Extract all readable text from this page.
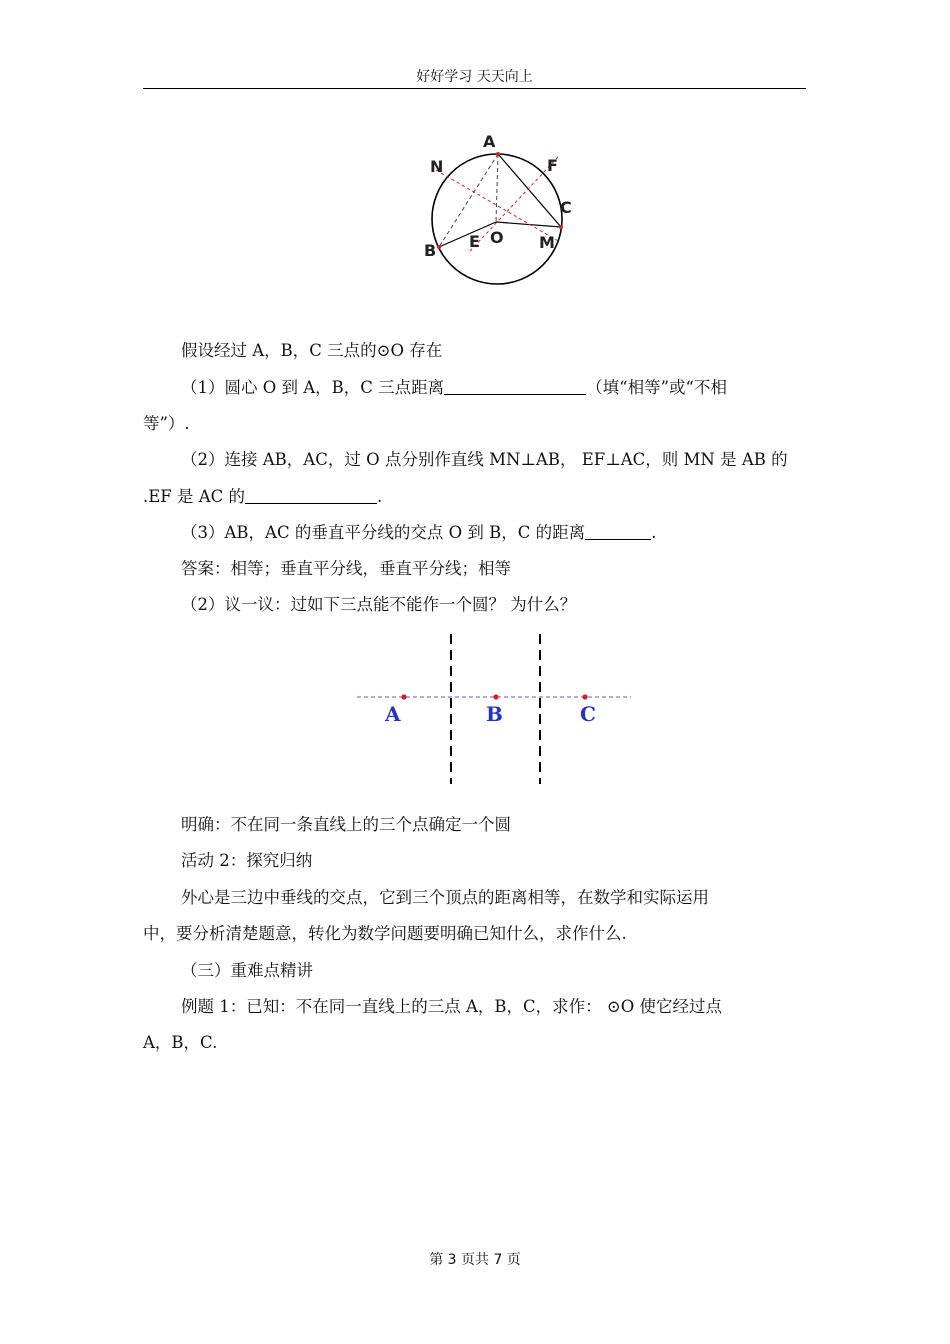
好好学习 天天向上
A
N	F
C
B E O M
假设经过 A，B，C 三点的⊙O 存在
（1）圆心 O 到 A，B，C 三点距离	（填“相等”或“不相
等”）.
（2）连接 AB，AC，过 O 点分别作直线 MN⊥AB， EF⊥AC，则 MN 是 AB 的
.EF 是 AC 的	.
（3）AB，AC 的垂直平分线的交点 O 到 B，C 的距离	.
答案：相等；垂直平分线，垂直平分线；相等
（2）议一议：过如下三点能不能作一个圆？ 为什么？
A	B	C
明确：不在同一条直线上的三个点确定一个圆
活动 2：探究归纳
外心是三边中垂线的交点，它到三个顶点的距离相等，在数学和实际运用
中，要分析清楚题意，转化为数学问题要明确已知什么，求作什么.
（三）重难点精讲
例题 1：已知：不在同一直线上的三点 A，B，C，求作： ⊙O 使它经过点
A，B，C.
第 3 页共 7 页
